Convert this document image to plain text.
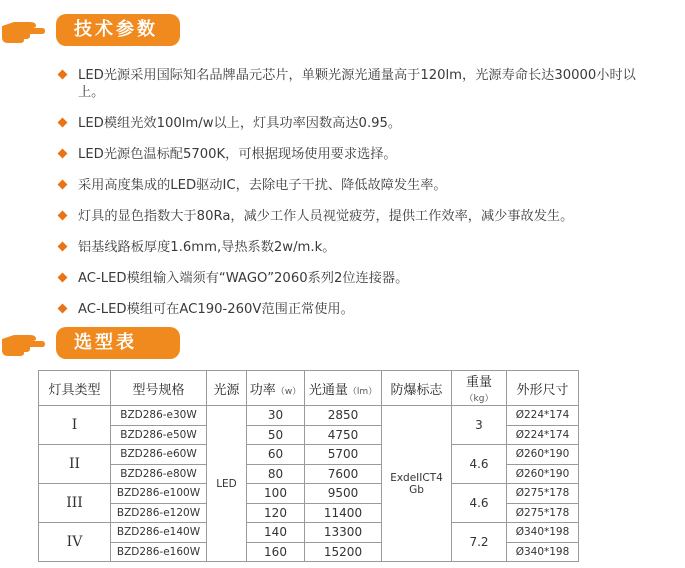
技术参数
LED光源采用国际知名品牌晶元芯片，单颗光源光通量高于120lm，光源寿命长达30000小时以上。
LED模组光效100lm/w以上，灯具功率因数高达0.95。
LED光源色温标配5700K，可根据现场使用要求选择。
采用高度集成的LED驱动IC，去除电子干扰、降低故障发生率。
灯具的显色指数大于80Ra，减少工作人员视觉疲劳，提供工作效率，减少事故发生。
铝基线路板厚度1.6mm,导热系数2w/m.k。
AC-LED模组输入端须有“WAGO”2060系列2位连接器。
AC-LED模组可在AC190-260V范围正常使用。
选型表
灯具类型	型号规格	光源	功率（w）	光通量（lm）	防爆标志	重量（kg）	外形尺寸
I	BZD286-e30W	LED	30	2850	ExdeIICT4 Gb	3	Ø224*174
	BZD286-e50W		50	4750			Ø224*174
II	BZD286-e60W		60	5700		4.6	Ø260*190
	BZD286-e80W		80	7600			Ø260*190
III	BZD286-e100W		100	9500		4.6	Ø275*178
	BZD286-e120W		120	11400			Ø275*178
IV	BZD286-e140W		140	13300		7.2	Ø340*198
	BZD286-e160W		160	15200			Ø340*198
